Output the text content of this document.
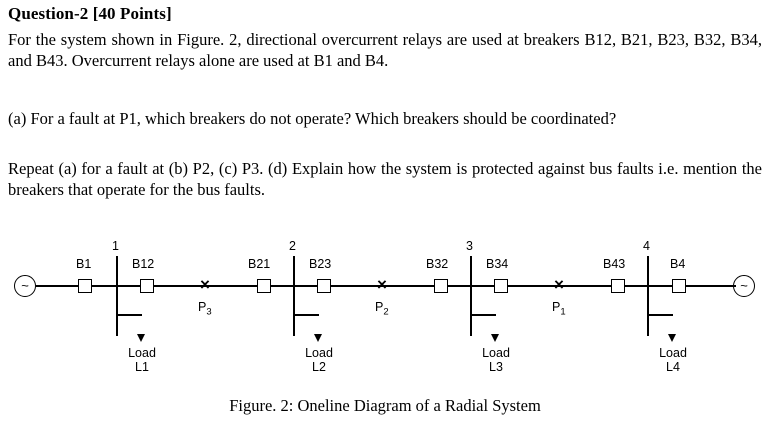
Question-2 [40 Points]
For the system shown in Figure. 2, directional overcurrent relays are used at breakers B12, B21, B23, B32, B34, and B43. Overcurrent relays alone are used at B1 and B4.
(a) For a fault at P1, which breakers do not operate? Which breakers should be coordinated?
Repeat (a) for a fault at (b) P2, (c) P3. (d) Explain how the system is protected against bus faults i.e. mention the breakers that operate for the bus faults.
~	~
1	2	3	4
B1	B12	B21	B23	B32	B34	B43	B4
×
$P_3$
×
$P_2$
×
$P_1$
Load
L1
Load
L2
Load
L3
Load
L4
Figure. 2: Oneline Diagram of a Radial System
